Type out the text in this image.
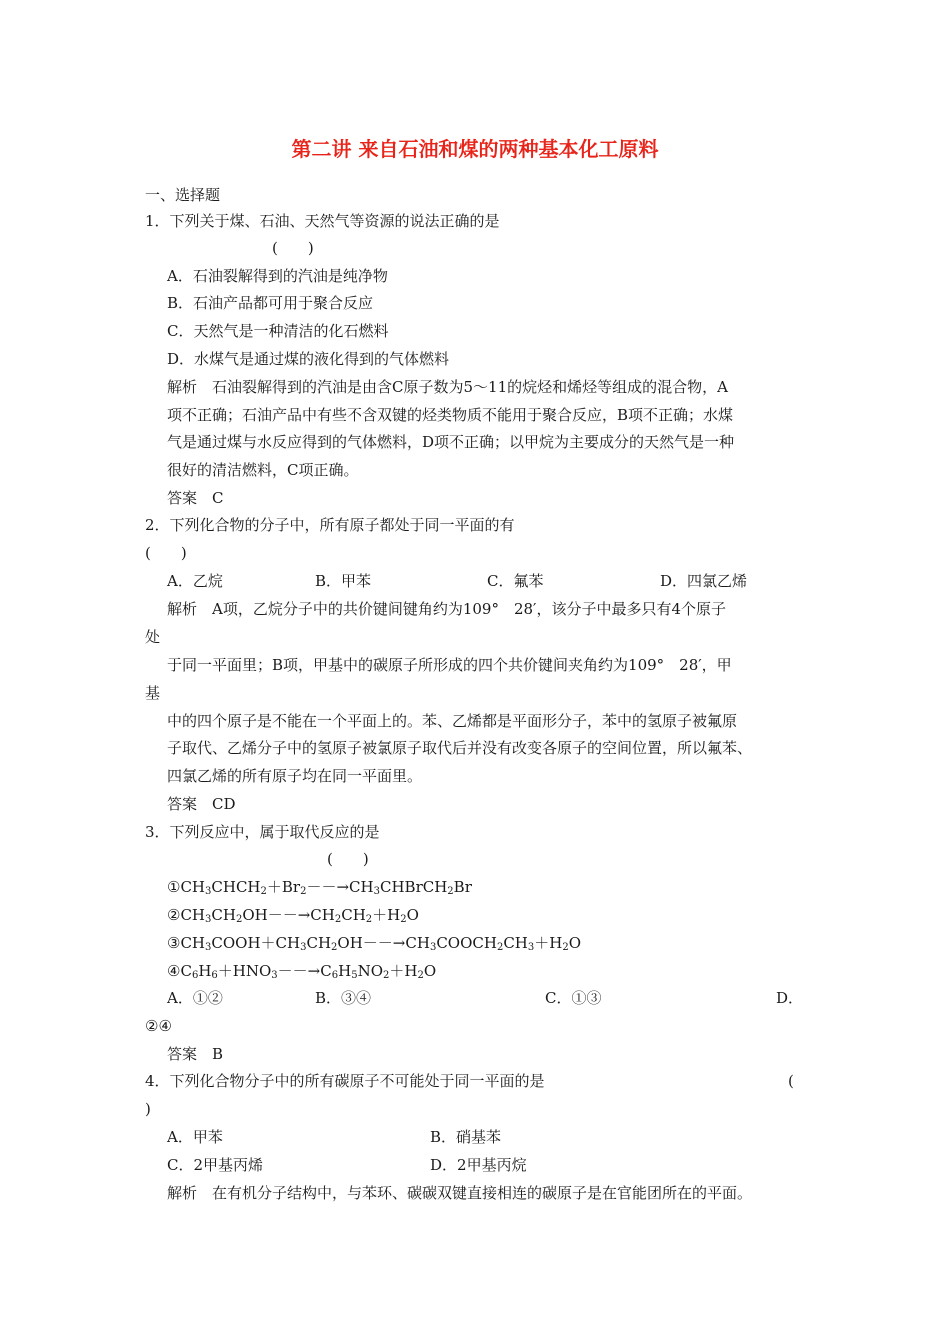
第二讲 来自石油和煤的两种基本化工原料
一、选择题
1．下列关于煤、石油、天然气等资源的说法正确的是
(　　)
A．石油裂解得到的汽油是纯净物
B．石油产品都可用于聚合反应
C．天然气是一种清洁的化石燃料
D．水煤气是通过煤的液化得到的气体燃料
解析　石油裂解得到的汽油是由含C原子数为5～11的烷烃和烯烃等组成的混合物，A
项不正确；石油产品中有些不含双键的烃类物质不能用于聚合反应，B项不正确；水煤
气是通过煤与水反应得到的气体燃料，D项不正确；以甲烷为主要成分的天然气是一种
很好的清洁燃料，C项正确。
答案　C
2．下列化合物的分子中，所有原子都处于同一平面的有
(　　)
A．乙烷	B．甲苯	C．氟苯	D．四氯乙烯
解析　A项，乙烷分子中的共价键间键角约为109°　28′，该分子中最多只有4个原子
处
于同一平面里；B项，甲基中的碳原子所形成的四个共价键间夹角约为109°　28′，甲
基
中的四个原子是不能在一个平面上的。苯、乙烯都是平面形分子，苯中的氢原子被氟原
子取代、乙烯分子中的氢原子被氯原子取代后并没有改变各原子的空间位置，所以氟苯、
四氯乙烯的所有原子均在同一平面里。
答案　CD
3．下列反应中，属于取代反应的是
(　　)
$①CH_3CHCH_2+Br_2--\to CH_3CHBrCH_2Br$
$②CH_3CH_2OH--\to CH_2CH_2+H_2O$
$③CH_3COOH+CH_3CH_2OH--\to CH_3COOCH_2CH_3+H_2O$
$④C_6H_6+HNO_3--\to C_6H_5NO_2+H_2O$
A．①②	B．③④	C．①③	D．
②④
答案　B
4．下列化合物分子中的所有碳原子不可能处于同一平面的是	(
)
A．甲苯	B．硝基苯
C．2甲基丙烯	D．2甲基丙烷
解析　在有机分子结构中，与苯环、碳碳双键直接相连的碳原子是在官能团所在的平面。
